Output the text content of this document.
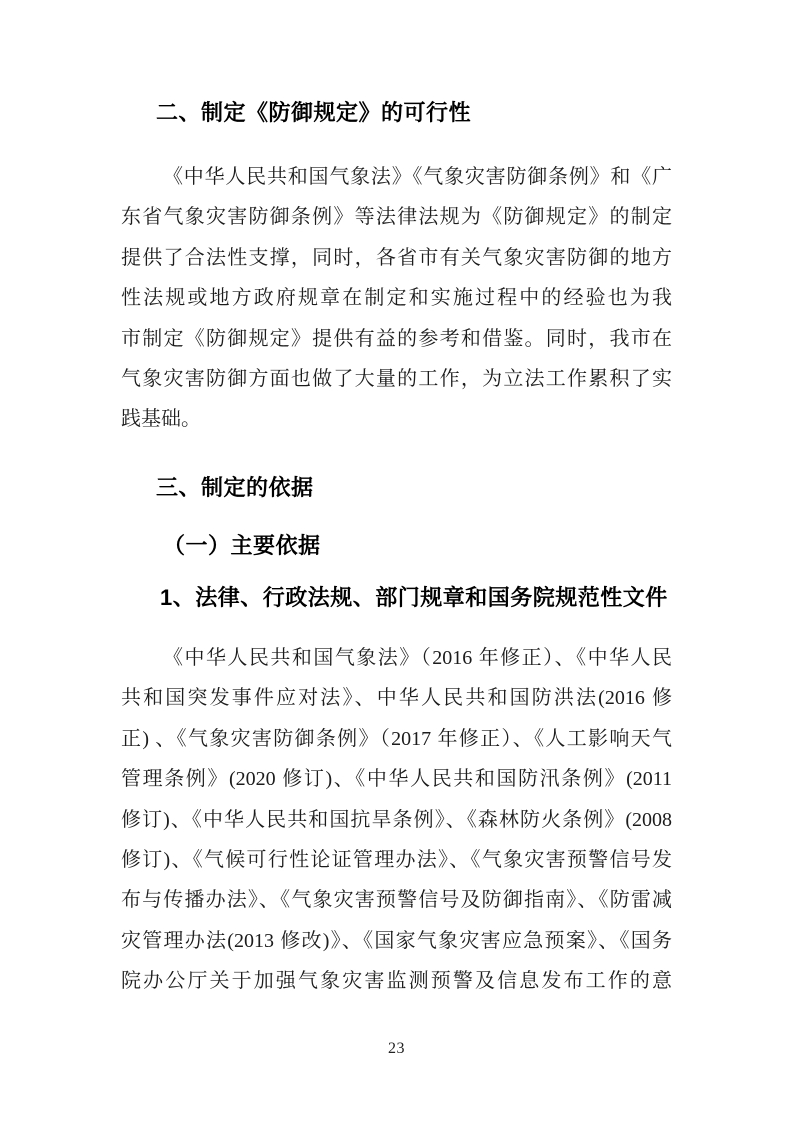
二、制定《防御规定》的可行性
《中华人民共和国气象法》《气象灾害防御条例》和《广
东省气象灾害防御条例》等法律法规为《防御规定》的制定
提供了合法性支撑，同时，各省市有关气象灾害防御的地方
性法规或地方政府规章在制定和实施过程中的经验也为我
市制定《防御规定》提供有益的参考和借鉴。同时，我市在
气象灾害防御方面也做了大量的工作，为立法工作累积了实
践基础。
三、制定的依据
（一）主要依据
1、法律、行政法规、部门规章和国务院规范性文件
《中华人民共和国气象法》（2016 年修正）、《中华人民
共和国突发事件应对法》、中华人民共和国防洪法(2016 修
正) 、《气象灾害防御条例》（2017 年修正）、《人工影响天气
管理条例》(2020 修订)、《中华人民共和国防汛条例》(2011
修订)、《中华人民共和国抗旱条例》、《森林防火条例》(2008
修订)、《气候可行性论证管理办法》、《气象灾害预警信号发
布与传播办法》、《气象灾害预警信号及防御指南》、《防雷减
灾管理办法(2013 修改)》、《国家气象灾害应急预案》、《国务
院办公厅关于加强气象灾害监测预警及信息发布工作的意
23
